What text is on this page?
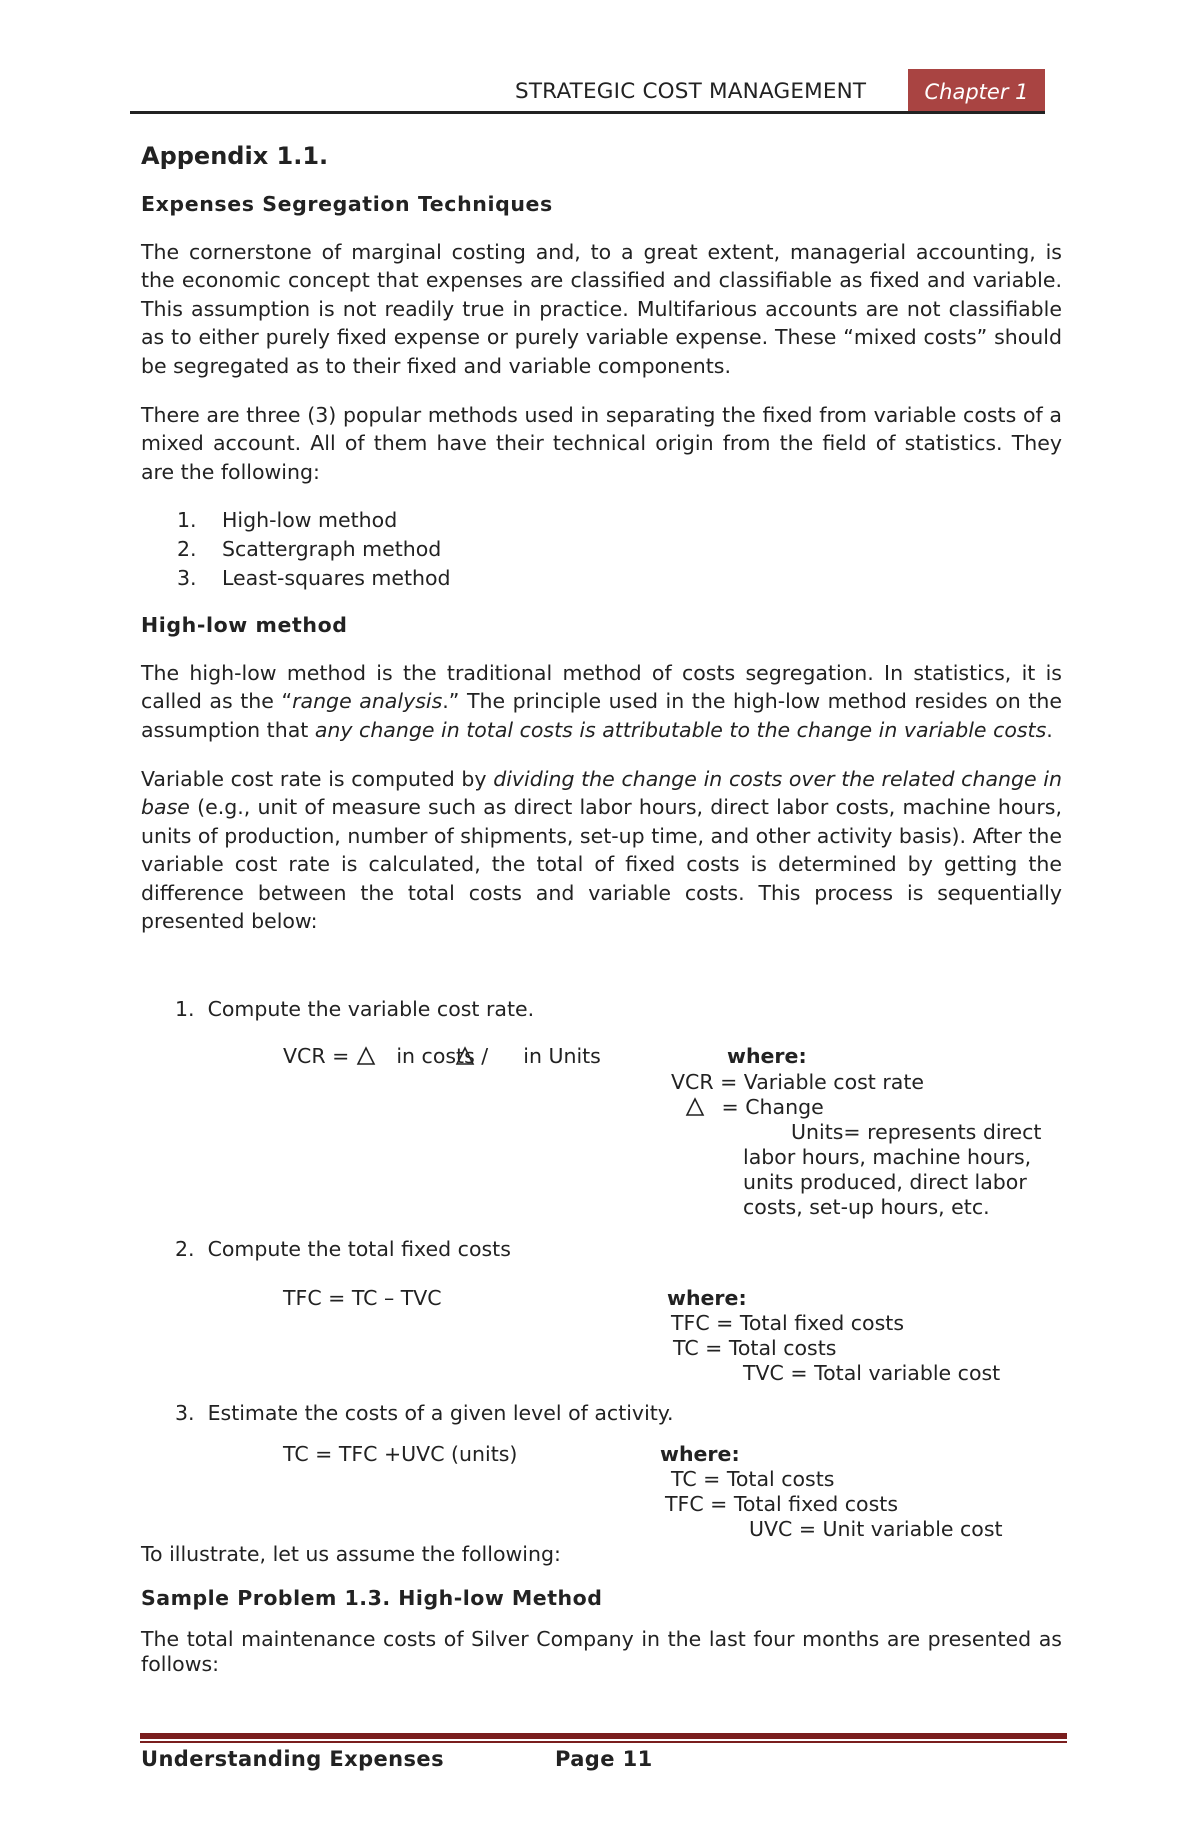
STRATEGIC COST MANAGEMENT	Chapter 1
Appendix 1.1.
Expenses Segregation Techniques

The cornerstone of marginal costing and, to a great extent, managerial accounting, is the economic concept that expenses are classified and classifiable as fixed and variable. This assumption is not readily true in practice. Multifarious accounts are not classifiable as to either purely fixed expense or purely variable expense. These “mixed costs” should be segregated as to their fixed and variable components.

There are three (3) popular methods used in separating the fixed from variable costs of a mixed account. All of them have their technical origin from the field of statistics. They are the following:

1.	High-low method
2.	Scattergraph method
3.	Least-squares method
High-low method

The high-low method is the traditional method of costs segregation. In statistics, it is called as the “range analysis.” The principle used in the high-low method resides on the assumption that any change in total costs is attributable to the change in variable costs.

Variable cost rate is computed by dividing the change in costs over the related change in base (e.g., unit of measure such as direct labor hours, direct labor costs, machine hours, units of production, number of shipments, set-up time, and other activity basis). After the variable cost rate is calculated, the total of fixed costs is determined by getting the difference between the total costs and variable costs. This process is sequentially presented below:

1. Compute the variable cost rate.
VCR = in costs / in Units	where:
VCR = Variable cost rate
= Change
Units= represents direct
labor hours, machine hours,
units produced, direct labor
costs, set-up hours, etc.
2. Compute the total fixed costs
TFC = TC – TVC	where:
TFC = Total fixed costs
TC = Total costs
TVC = Total variable cost
3. Estimate the costs of a given level of activity.
TC = TFC +UVC (units)	where:
TC = Total costs
TFC = Total fixed costs
UVC = Unit variable cost
To illustrate, let us assume the following:
Sample Problem 1.3. High-low Method
The total maintenance costs of Silver Company in the last four months are presented as follows:
Understanding Expenses	Page 11
